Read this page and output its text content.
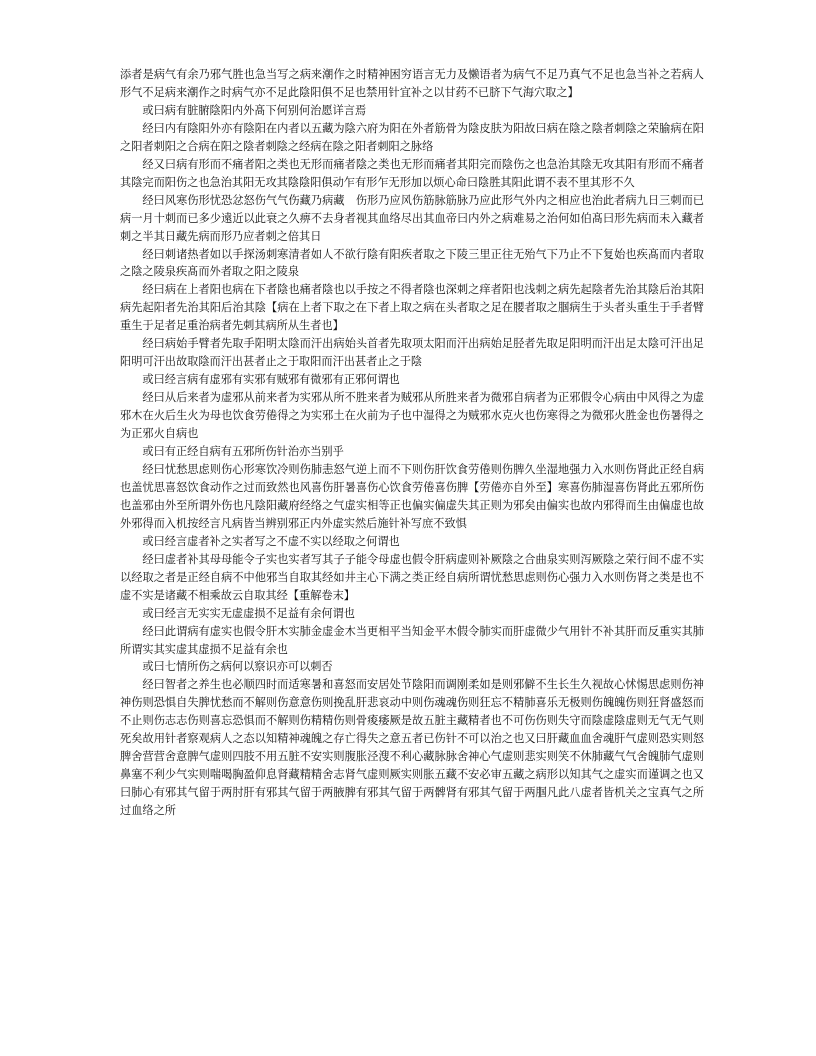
添者是病气有余乃邪气胜也急当写之病来潮作之时精神困穷语言无力及懒语者为病气不足乃真气不足也急当补之若病人形气不足病来潮作之时病气亦不足此陰阳俱不足也禁用针宜补之以甘药不已脐下气海穴取之】

或曰病有脏腑陰阳内外髙下何别何治愿详言焉

经曰内有陰阳外亦有陰阳在内者以五藏为陰六府为阳在外者筋骨为陰皮肤为阳故曰病在陰之陰者刺陰之荣腧病在阳之阳者刺阳之合病在阳之陰者刺陰之经病在陰之阳者刺阳之脉络

经又曰病有形而不痛者阳之类也无形而痛者陰之类也无形而痛者其阳完而陰伤之也急治其陰无攻其阳有形而不痛者其陰完而阳伤之也急治其阳无攻其陰陰阳俱动乍有形乍无形加以烦心命曰陰胜其阳此谓不表不里其形不久

经曰风寒伤形忧恐忿怒伤气气伤藏乃病藏　伤形乃应风伤筋脉筋脉乃应此形气外内之相应也治此者病九日三刺而已病一月十刺而已多少遠近以此衰之久痹不去身者视其血络尽出其血帝曰内外之病难易之治何如伯髙曰形先病而未入藏者刺之半其日藏先病而形乃应者刺之倍其日

经曰刺诸热者如以手探汤刺寒清者如人不欲行陰有阳疾者取之下陵三里正往无殆气下乃止不下复始也疾髙而内者取之陰之陵泉疾髙而外者取之阳之陵泉

经曰病在上者阳也病在下者陰也痛者陰也以手按之不得者陰也深刺之痒者阳也浅刺之病先起陰者先治其陰后治其阳病先起阳者先治其阳后治其陰【病在上者下取之在下者上取之病在头者取之足在腰者取之腘病生于头者头重生于手者臂重生于足者足重治病者先刺其病所从生者也】

经曰病始手臂者先取手阳明太陰而汗出病始头首者先取项太阳而汗出病始足胫者先取足阳明而汗出足太陰可汗出足阳明可汗出故取陰而汗出甚者止之于取阳而汗出甚者止之于陰

或曰经言病有虚邪有实邪有贼邪有微邪有正邪何谓也

经曰从后来者为虚邪从前来者为实邪从所不胜来者为贼邪从所胜来者为微邪自病者为正邪假令心病由中风得之为虚邪木在火后生火为母也饮食劳倦得之为实邪土在火前为子也中湿得之为贼邪水克火也伤寒得之为微邪火胜金也伤暑得之为正邪火自病也

或曰有正经自病有五邪所伤针治亦当别乎

经曰忧愁思虑则伤心形寒饮冷则伤肺恚怒气逆上而不下则伤肝饮食劳倦则伤脾久坐湿地强力入水则伤肾此正经自病也盖忧思喜怒饮食动作之过而致然也风喜伤肝暑喜伤心饮食劳倦喜伤脾【劳倦亦自外至】寒喜伤肺湿喜伤肾此五邪所伤也盖邪由外至所谓外伤也凡陰阳藏府经络之气虚实相等正也偏实偏虚失其正则为邪矣由偏实也故内邪得而生由偏虚也故外邪得而入机按经言凡病皆当辨别邪正内外虚实然后施针补写庶不致惧

或曰经言虚者补之实者写之不虚不实以经取之何谓也

经曰虚者补其母母能令子实也实者写其子子能令母虚也假令肝病虚则补厥陰之合曲泉实则泻厥陰之荣行间不虚不实以经取之者是正经自病不中他邪当自取其经如井主心下满之类正经自病所谓忧愁思虑则伤心强力入水则伤肾之类是也不虚不实是诸藏不相乘故云自取其经【重解卷末】

或曰经言无实实无虚虚损不足益有余何谓也

经曰此谓病有虚实也假令肝木实肺金虚金木当更相平当知金平木假令肺实而肝虚微少气用针不补其肝而反重实其肺所谓实其实虚其虚损不足益有余也

或曰七情所伤之病何以察识亦可以刺否

经曰智者之养生也必顺四时而适寒暑和喜怒而安居处节陰阳而调刚柔如是则邪僻不生长生久视故心怵惕思虑则伤神神伤则恐惧自失脾忧愁而不解则伤意意伤则挽乱肝悲哀动中则伤魂魂伤则狂忘不精肺喜乐无极则伤魄魄伤则狂肾盛怒而不止则伤志志伤则喜忘恐惧而不解则伤精精伤则骨痠痿厥是故五脏主藏精者也不可伤伤则失守而陰虚陰虚则无气无气则死矣故用针者察观病人之态以知精神魂魄之存亡得失之意五者已伤针不可以治之也又曰肝藏血血舍魂肝气虚则恐实则怒脾舍营营舍意脾气虚则四肢不用五脏不安实则腹胀泾溲不利心藏脉脉舍神心气虚则悲实则笑不休肺藏气气舍魄肺气虚则鼻塞不利少气实则喘喝胸盈仰息肾藏精精舍志肾气虚则厥实则胀五藏不安必审五藏之病形以知其气之虚实而谨调之也又曰肺心有邪其气留于两肘肝有邪其气留于两腋脾有邪其气留于两髀肾有邪其气留于两腘凡此八虚者皆机关之宝真气之所过血络之所
